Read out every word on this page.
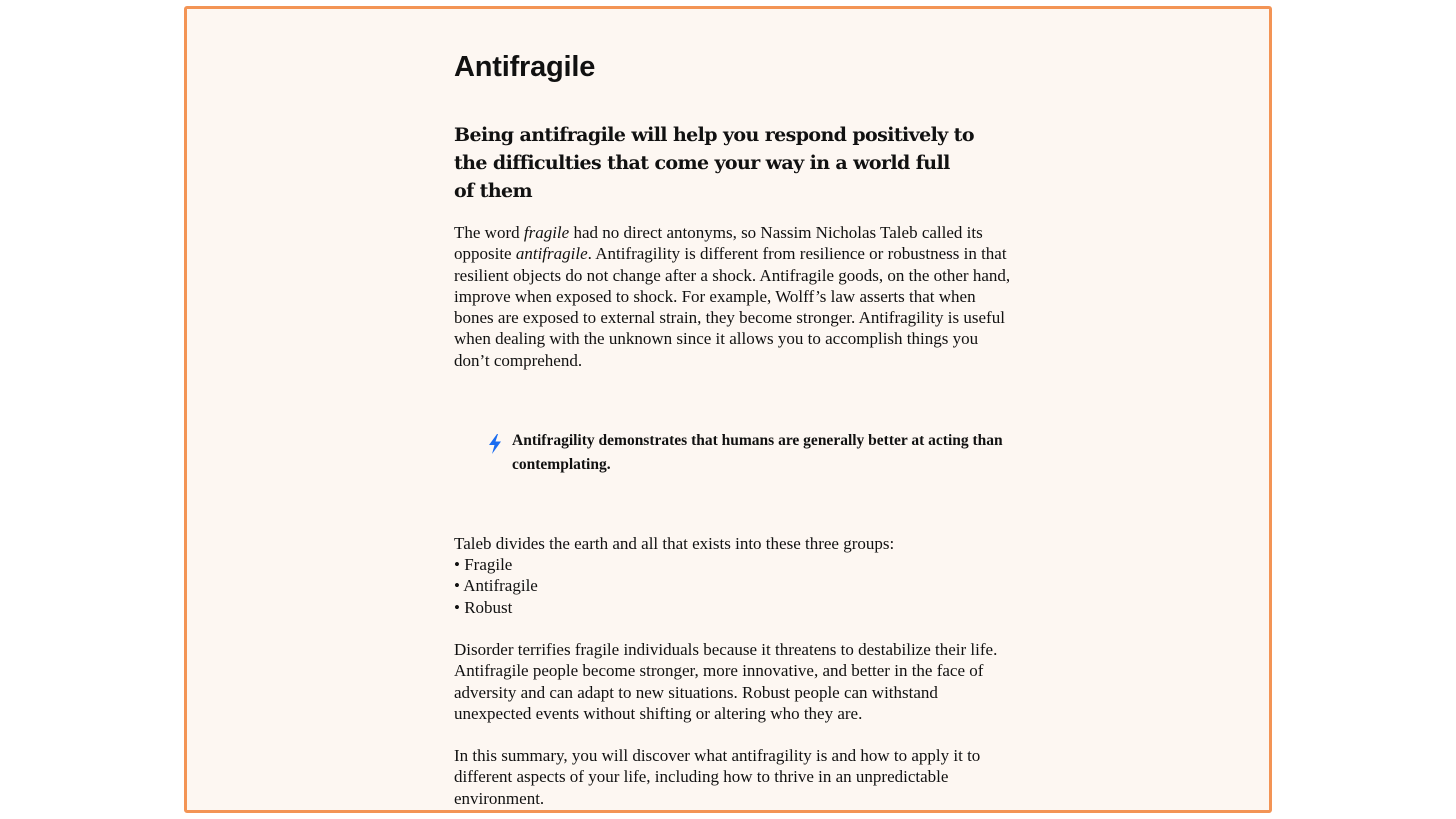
Antifragile
Being antifragile will help you respond positively to the difficulties that come your way in a world full of them

The word fragile had no direct antonyms, so Nassim Nicholas Taleb called its opposite antifragile. Antifragility is different from resilience or robustness in that resilient objects do not change after a shock. Antifragile goods, on the other hand, improve when exposed to shock. For example, Wolff’s law asserts that when bones are exposed to external strain, they become stronger. Antifragility is useful when dealing with the unknown since it allows you to accomplish things you don’t comprehend.

Antifragility demonstrates that humans are generally better at acting than contemplating.

Taleb divides the earth and all that exists into these three groups:

• Fragile
• Antifragile
• Robust

Disorder terrifies fragile individuals because it threatens to destabilize their life. Antifragile people become stronger, more innovative, and better in the face of adversity and can adapt to new situations. Robust people can withstand unexpected events without shifting or altering who they are.

In this summary, you will discover what antifragility is and how to apply it to different aspects of your life, including how to thrive in an unpredictable environment.
